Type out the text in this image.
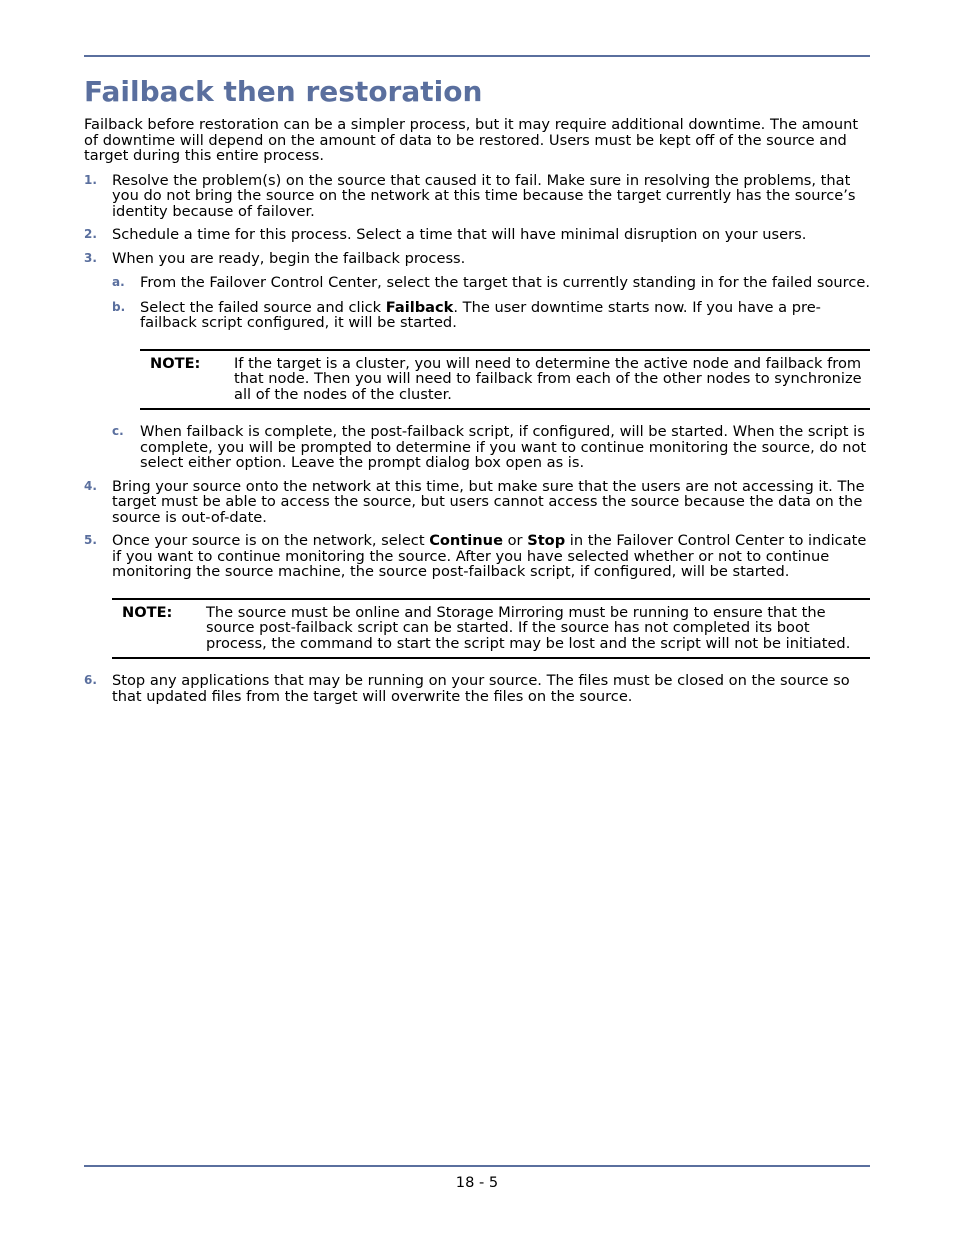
Failback then restoration

Failback before restoration can be a simpler process, but it may require additional downtime. The amount of downtime will depend on the amount of data to be restored. Users must be kept off of the source and target during this entire process.

1.	Resolve the problem(s) on the source that caused it to fail. Make sure in resolving the problems, that you do not bring the source on the network at this time because the target currently has the source’s identity because of failover.
2.	Schedule a time for this process. Select a time that will have minimal disruption on your users.
3.	When you are ready, begin the failback process.
a.	From the Failover Control Center, select the target that is currently standing in for the failed source.
b.	Select the failed source and click Failback. The user downtime starts now. If you have a pre-failback script configured, it will be started.
NOTE:	If the target is a cluster, you will need to determine the active node and failback from that node. Then you will need to failback from each of the other nodes to synchronize all of the nodes of the cluster.
c.	When failback is complete, the post-failback script, if configured, will be started. When the script is complete, you will be prompted to determine if you want to continue monitoring the source, do not select either option. Leave the prompt dialog box open as is.
4.	Bring your source onto the network at this time, but make sure that the users are not accessing it. The target must be able to access the source, but users cannot access the source because the data on the source is out-of-date.
5.	Once your source is on the network, select Continue or Stop in the Failover Control Center to indicate if you want to continue monitoring the source. After you have selected whether or not to continue monitoring the source machine, the source post-failback script, if configured, will be started.
NOTE:	The source must be online and Storage Mirroring must be running to ensure that the source post-failback script can be started. If the source has not completed its boot process, the command to start the script may be lost and the script will not be initiated.
6.	Stop any applications that may be running on your source. The files must be closed on the source so that updated files from the target will overwrite the files on the source.
18 - 5
